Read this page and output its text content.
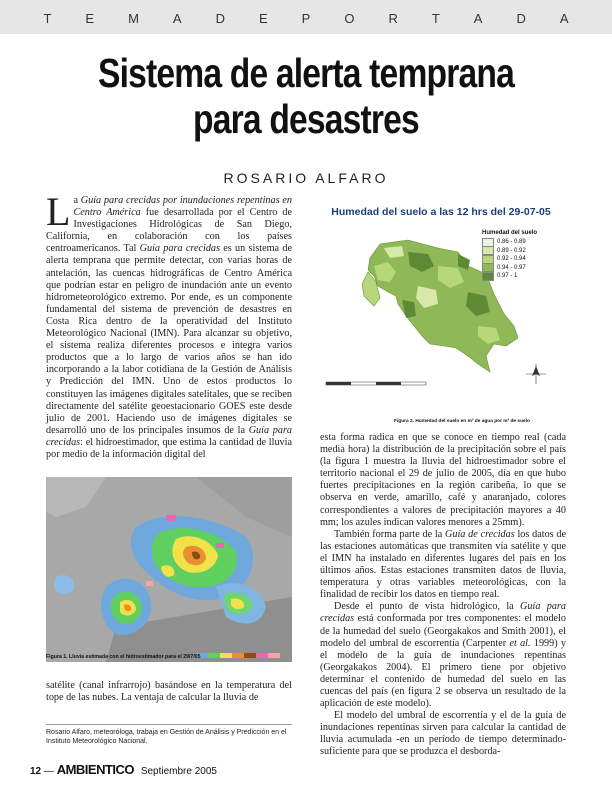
T	E	M	A	D	E	P	O	R	T	A	D	A
Sistema de alerta temprana
para desastres
ROSARIO ALFARO

La Guía para crecidas por inundaciones repentinas en Centro América fue desarrollada por el Centro de Investigaciones Hidrológicas de San Diego, California, en colaboración con los países centroamericanos. Tal Guía para crecidas es un sistema de alerta temprana que permite detectar, con varias horas de antelación, las cuencas hidrográficas de Centro América que podrían estar en peligro de inundación ante un evento hidrometeorológico extremo. Por ende, es un componente fundamental del sistema de prevención de desastres en Costa Rica dentro de la operatividad del Instituto Meteorológico Nacional (IMN). Para alcanzar su objetivo, el sistema realiza diferentes procesos e integra varios productos que a lo largo de varios años se han ido incorporando a la labor cotidiana de la Gestión de Análisis y Predicción del IMN. Uno de estos productos lo constituyen las imágenes digitales satelitales, que se reciben directamente del satélite geoestacionario GOES este desde julio de 2001. Haciendo uso de imágenes digitales se desarrolló uno de los principales insumos de la Guía para crecidas: el hidroestimador, que estima la cantidad de lluvia por medio de la información digital del

Figura 1. Lluvia estimada con el hidroestimador para el 29/7/05

satélite (canal infrarrojo) basándose en la temperatura del tope de las nubes. La ventaja de calcular la lluvia de

Rosario Alfaro, meteoróloga, trabaja en Gestión de Análisis y Predicción en el Instituto Meteorológico Nacional.
12 — AMBIENTICO Septiembre 2005
Humedad del suelo a las 12 hrs del 29-07-05
Humedad del suelo
0.86 - 0.89
0.89 - 0.92
0.92 - 0.94
0.94 - 0.97
0.97 - 1
Figura 2. Humedad del suelo en m³ de agua por m³ de suelo

esta forma radica en que se conoce en tiempo real (cada media hora) la distribución de la precipitación sobre el país (la figura 1 muestra la lluvia del hidroestimador sobre el territorio nacional el 29 de julio de 2005, día en que hubo fuertes precipitaciones en la región caribeña, lo que se observa en verde, amarillo, café y anaranjado, colores correspondientes a valores de precipitación mayores a 40 mm; los azules indican valores menores a 25mm).

También forma parte de la Guía de crecidas los datos de las estaciones automáticas que transmiten vía satélite y que el IMN ha instalado en diferentes lugares del país en los últimos años. Estas estaciones transmiten datos de lluvia, temperatura y otras variables meteorológicas, con la finalidad de recibir los datos en tiempo real.

Desde el punto de vista hidrológico, la Guía para crecidas está conformada por tres componentes: el modelo de la humedad del suelo (Georgakakos and Smith 2001), el modelo del umbral de escorrentía (Carpenter et al. 1999) y el modelo de la guía de inundaciones repentinas (Georgakakos 2004). El primero tiene por objetivo determinar el contenido de humedad del suelo en las cuencas del país (en figura 2 se observa un resultado de la aplicación de este modelo).

El modelo del umbral de escorrentía y el de la guía de inundaciones repentinas sirven para calcular la cantidad de lluvia acumulada -en un período de tiempo determinado- suficiente para que se produzca el desborda-
